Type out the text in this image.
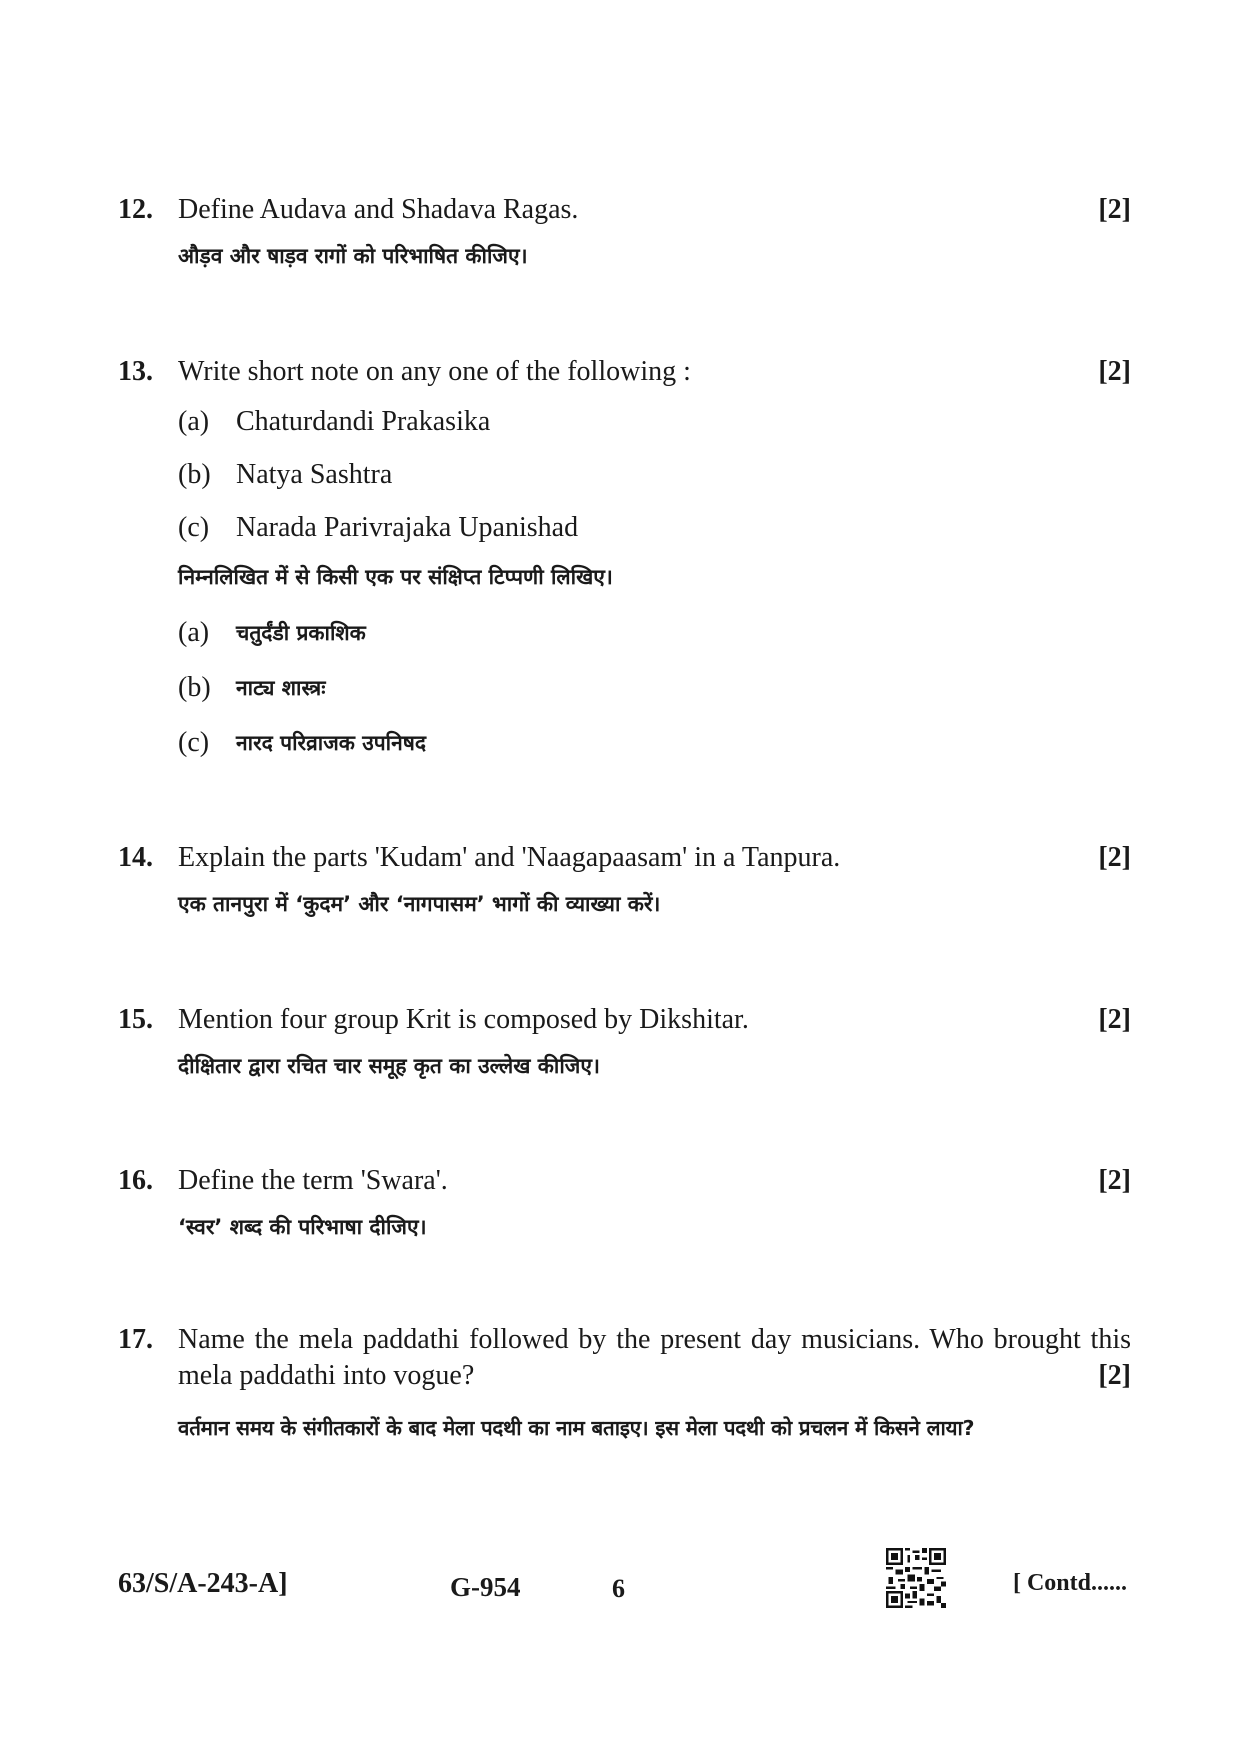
12. Define Audava and Shadava Ragas.	[2]
औड़व और षाड़व रागों को परिभाषित कीजिए।
13. Write short note on any one of the following :	[2]
(a) Chaturdandi Prakasika
(b) Natya Sashtra
(c) Narada Parivrajaka Upanishad
निम्नलिखित में से किसी एक पर संक्षिप्त टिप्पणी लिखिए।
(a) चतुर्दंडी प्रकाशिक
(b) नाट्य शास्त्रः
(c) नारद परिव्राजक उपनिषद
14. Explain the parts 'Kudam' and 'Naagapaasam' in a Tanpura.	[2]
एक तानपुरा में ‘कुदम’ और ‘नागपासम’ भागों की व्याख्या करें।
15. Mention four group Krit is composed by Dikshitar.	[2]
दीक्षितार द्वारा रचित चार समूह कृत का उल्लेख कीजिए।
16. Define the term 'Swara'.	[2]
‘स्वर’ शब्द की परिभाषा दीजिए।
17. Name the mela paddathi followed by the present day musicians. Who brought this mela paddathi into vogue?	[2]
वर्तमान समय के संगीतकारों के बाद मेला पदथी का नाम बताइए। इस मेला पदथी को प्रचलन में किसने लाया?
63/S/A-243-A]	G-954	6	[ Contd......
